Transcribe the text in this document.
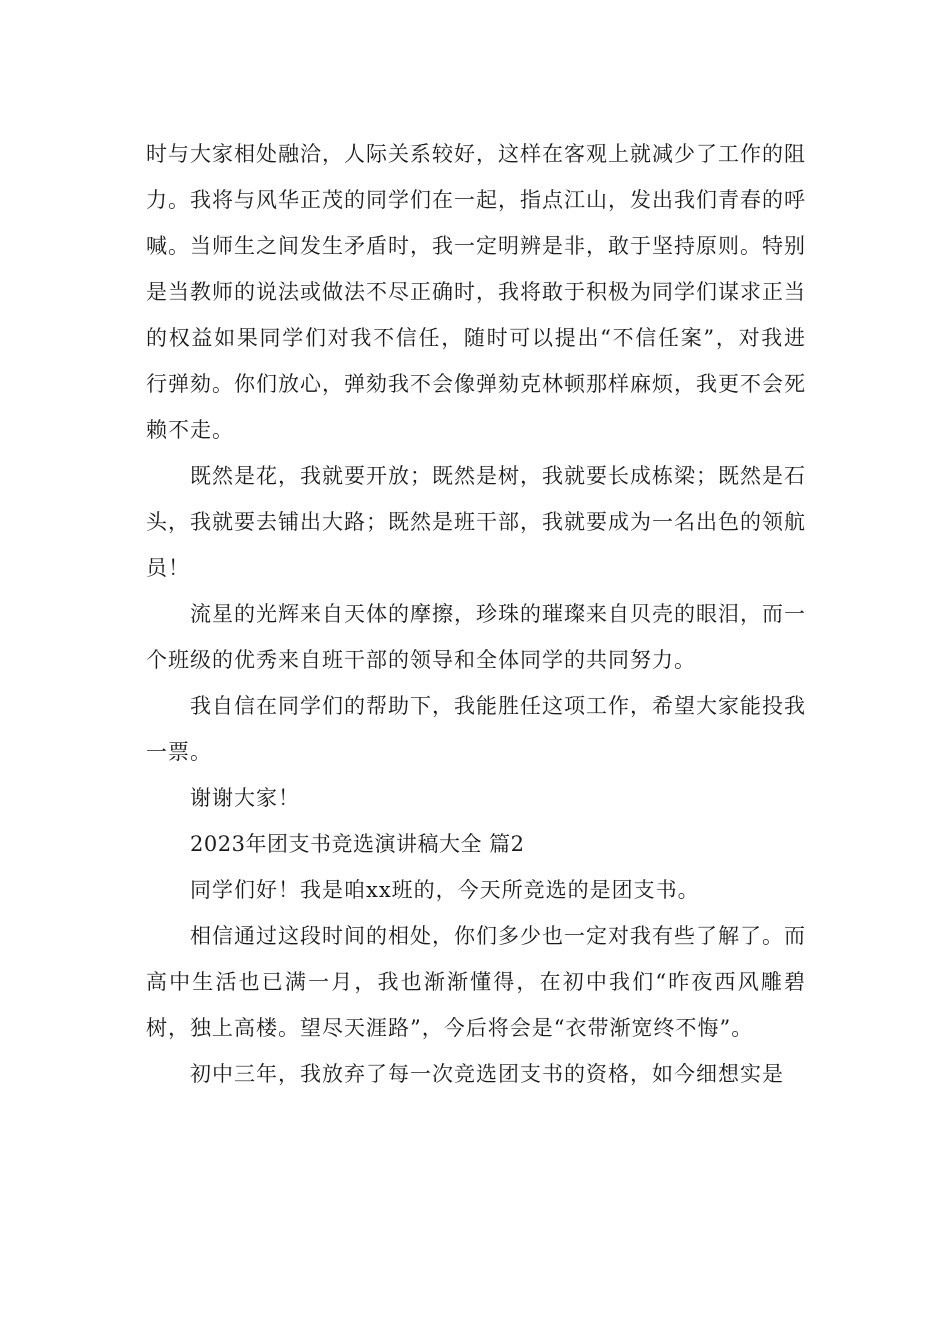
时与大家相处融洽，人际关系较好，这样在客观上就减少了工作的阻力。我将与风华正茂的同学们在一起，指点江山，发出我们青春的呼喊。当师生之间发生矛盾时，我一定明辨是非，敢于坚持原则。特别是当教师的说法或做法不尽正确时，我将敢于积极为同学们谋求正当的权益如果同学们对我不信任，随时可以提出“不信任案”，对我进行弹劾。你们放心，弹劾我不会像弹劾克林顿那样麻烦，我更不会死赖不走。

既然是花，我就要开放；既然是树，我就要长成栋梁；既然是石头，我就要去铺出大路；既然是班干部，我就要成为一名出色的领航员！

流星的光辉来自天体的摩擦，珍珠的璀璨来自贝壳的眼泪，而一个班级的优秀来自班干部的领导和全体同学的共同努力。

我自信在同学们的帮助下，我能胜任这项工作，希望大家能投我一票。

谢谢大家！

2023年团支书竞选演讲稿大全 篇2

同学们好！我是咱xx班的，今天所竞选的是团支书。

相信通过这段时间的相处，你们多少也一定对我有些了解了。而高中生活也已满一月，我也渐渐懂得，在初中我们“昨夜西风雕碧树，独上高楼。望尽天涯路”，今后将会是“衣带渐宽终不悔”。

初中三年，我放弃了每一次竞选团支书的资格，如今细想实是
